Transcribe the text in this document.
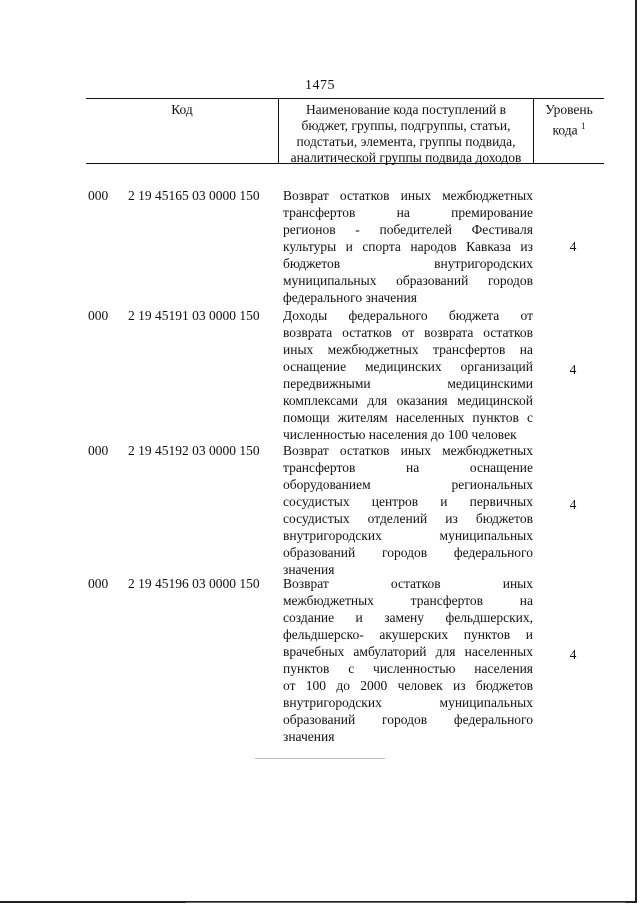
1475
Код	Наименование кода поступлений в
бюджет, группы, подгруппы, статьи,
подстатьи, элемента, группы подвида,
аналитической группы подвида доходов
Уровень
кода $^1$
000 2 19 45165 03 0000 150 Возврат остатков иных межбюджетных
трансфертов на премирование
регионов - победителей Фестиваля
культуры и спорта народов Кавказа из
бюджетов внутригородских
муниципальных образований городов
федерального значения
4
000 2 19 45191 03 0000 150 Доходы федерального бюджета от
возврата остатков от возврата остатков
иных межбюджетных трансфертов на
оснащение медицинских организаций
передвижными медицинскими
комплексами для оказания медицинской
помощи жителям населенных пунктов с
численностью населения до 100 человек
4
000 2 19 45192 03 0000 150 Возврат остатков иных межбюджетных
трансфертов на оснащение
оборудованием региональных
сосудистых центров и первичных
сосудистых отделений из бюджетов
внутригородских муниципальных
образований городов федерального
значения
4
000 2 19 45196 03 0000 150 Возврат остатков иных
межбюджетных трансфертов на
создание и замену фельдшерских,
фельдшерско- акушерских пунктов и
врачебных амбулаторий для населенных
пунктов с численностью населения
от 100 до 2000 человек из бюджетов
внутригородских муниципальных
образований городов федерального
значения
4
